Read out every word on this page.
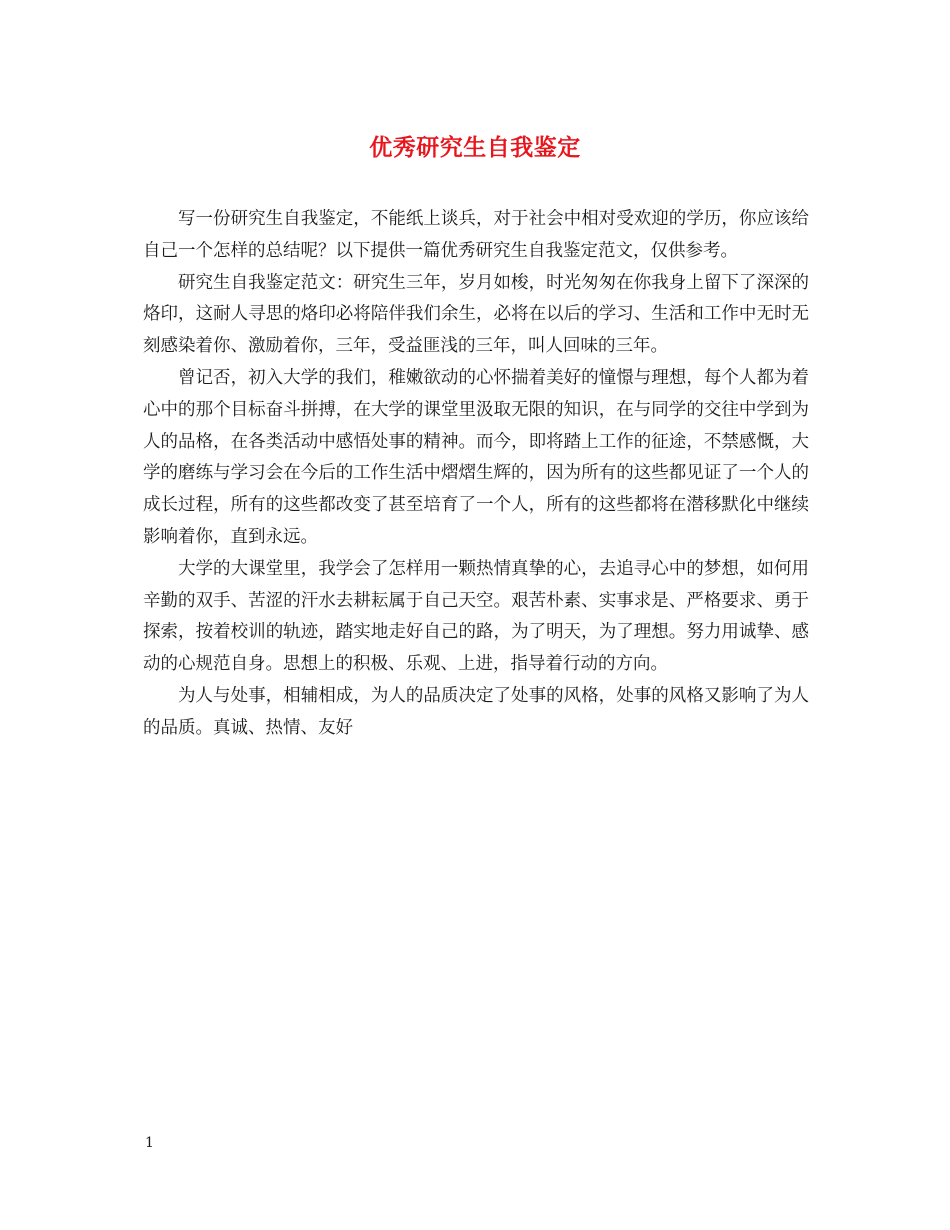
优秀研究生自我鉴定

写一份研究生自我鉴定，不能纸上谈兵，对于社会中相对受欢迎的学历，你应该给自己一个怎样的总结呢？以下提供一篇优秀研究生自我鉴定范文，仅供参考。

研究生自我鉴定范文：研究生三年，岁月如梭，时光匆匆在你我身上留下了深深的烙印，这耐人寻思的烙印必将陪伴我们余生，必将在以后的学习、生活和工作中无时无刻感染着你、激励着你，三年，受益匪浅的三年，叫人回味的三年。

曾记否，初入大学的我们，稚嫩欲动的心怀揣着美好的憧憬与理想，每个人都为着心中的那个目标奋斗拼搏，在大学的课堂里汲取无限的知识，在与同学的交往中学到为人的品格，在各类活动中感悟处事的精神。而今，即将踏上工作的征途，不禁感慨，大学的磨练与学习会在今后的工作生活中熠熠生辉的，因为所有的这些都见证了一个人的成长过程，所有的这些都改变了甚至培育了一个人，所有的这些都将在潜移默化中继续影响着你，直到永远。

大学的大课堂里，我学会了怎样用一颗热情真挚的心，去追寻心中的梦想，如何用辛勤的双手、苦涩的汗水去耕耘属于自己天空。艰苦朴素、实事求是、严格要求、勇于探索，按着校训的轨迹，踏实地走好自己的路，为了明天，为了理想。努力用诚挚、感动的心规范自身。思想上的积极、乐观、上进，指导着行动的方向。

为人与处事，相辅相成，为人的品质决定了处事的风格，处事的风格又影响了为人的品质。真诚、热情、友好

1
